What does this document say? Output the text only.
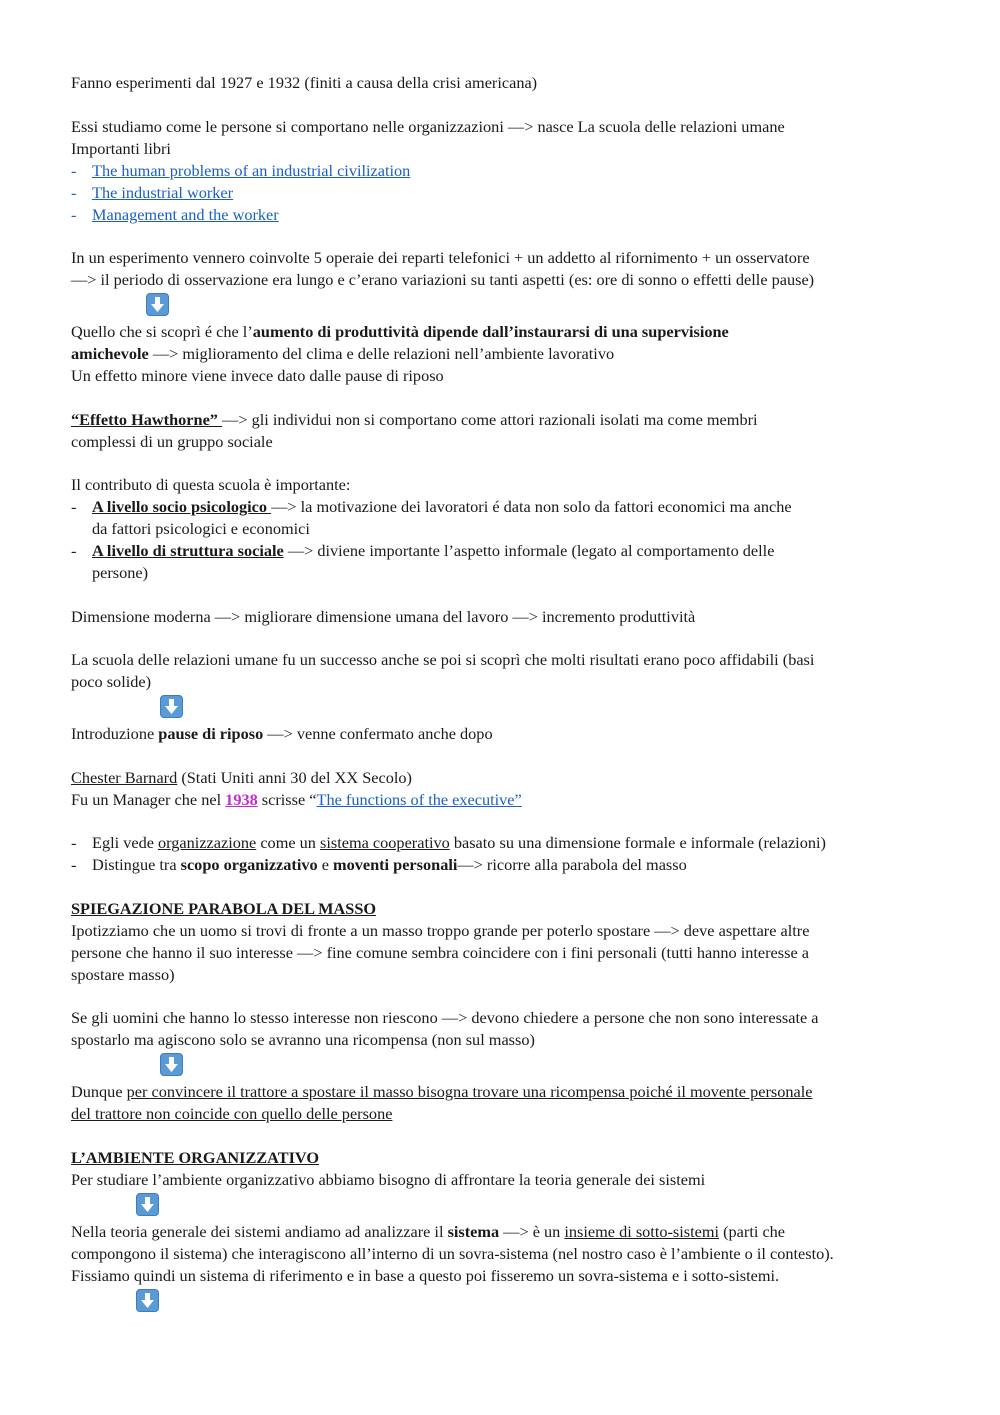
Fanno esperimenti dal 1927 e 1932 (finiti a causa della crisi americana)
Essi studiamo come le persone si comportano nelle organizzazioni —> nasce La scuola delle relazioni umane
Importanti libri
- The human problems of an industrial civilization
- The industrial worker
- Management and the worker
In un esperimento vennero coinvolte 5 operaie dei reparti telefonici + un addetto al rifornimento + un osservatore
—> il periodo di osservazione era lungo e c’erano variazioni su tanti aspetti (es: ore di sonno o effetti delle pause)
Quello che si scoprì é che l’aumento di produttività dipende dall’instaurarsi di una supervisione
amichevole —> miglioramento del clima e delle relazioni nell’ambiente lavorativo
Un effetto minore viene invece dato dalle pause di riposo
“Effetto Hawthorne” —> gli individui non si comportano come attori razionali isolati ma come membri
complessi di un gruppo sociale
Il contributo di questa scuola è importante:
- A livello socio psicologico —> la motivazione dei lavoratori é data non solo da fattori economici ma anche
da fattori psicologici e economici
- A livello di struttura sociale —> diviene importante l’aspetto informale (legato al comportamento delle
persone)
Dimensione moderna —> migliorare dimensione umana del lavoro —> incremento produttività
La scuola delle relazioni umane fu un successo anche se poi si scoprì che molti risultati erano poco affidabili (basi
poco solide)
Introduzione pause di riposo —> venne confermato anche dopo
Chester Barnard (Stati Uniti anni 30 del XX Secolo)
Fu un Manager che nel 1938 scrisse “The functions of the executive”
- Egli vede organizzazione come un sistema cooperativo basato su una dimensione formale e informale (relazioni)
- Distingue tra scopo organizzativo e moventi personali—> ricorre alla parabola del masso
SPIEGAZIONE PARABOLA DEL MASSO
Ipotizziamo che un uomo si trovi di fronte a un masso troppo grande per poterlo spostare —> deve aspettare altre
persone che hanno il suo interesse —> fine comune sembra coincidere con i fini personali (tutti hanno interesse a
spostare masso)
Se gli uomini che hanno lo stesso interesse non riescono —> devono chiedere a persone che non sono interessate a
spostarlo ma agiscono solo se avranno una ricompensa (non sul masso)
Dunque per convincere il trattore a spostare il masso bisogna trovare una ricompensa poiché il movente personale
del trattore non coincide con quello delle persone
L’AMBIENTE ORGANIZZATIVO
Per studiare l’ambiente organizzativo abbiamo bisogno di affrontare la teoria generale dei sistemi
Nella teoria generale dei sistemi andiamo ad analizzare il sistema —> è un insieme di sotto-sistemi (parti che
compongono il sistema) che interagiscono all’interno di un sovra-sistema (nel nostro caso è l’ambiente o il contesto).
Fissiamo quindi un sistema di riferimento e in base a questo poi fisseremo un sovra-sistema e i sotto-sistemi.
